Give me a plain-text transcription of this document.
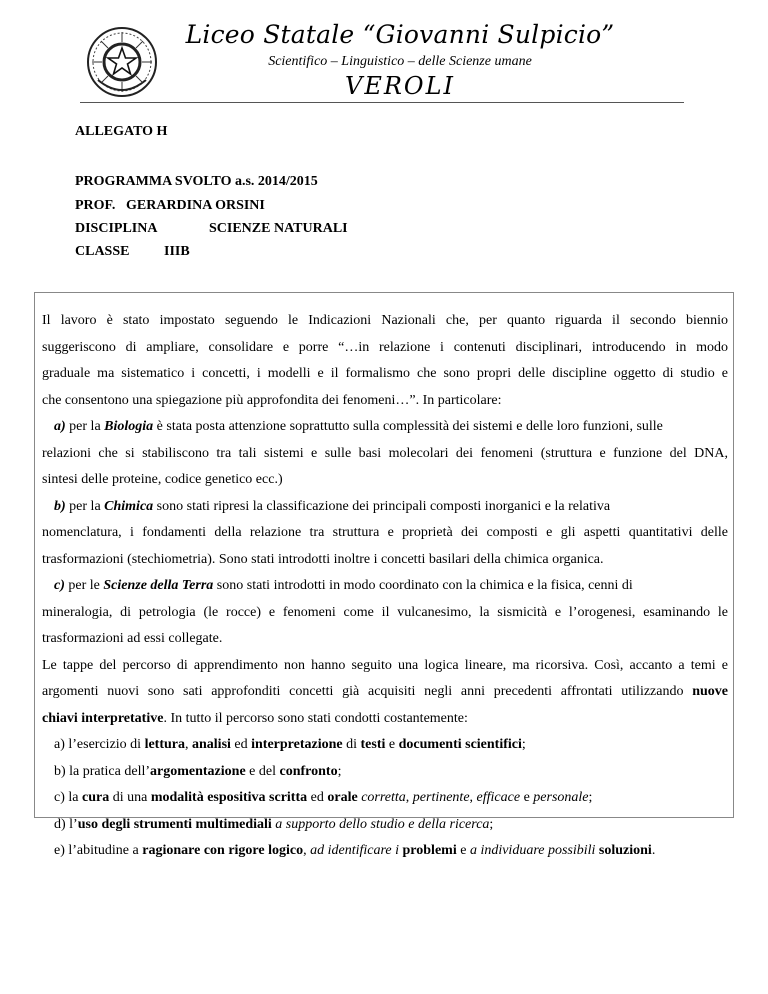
Liceo Statale “Giovanni Sulpicio”
Scientifico – Linguistico – delle Scienze umane
VEROLI
ALLEGATO H
PROGRAMMA SVOLTO a.s. 2014/2015
PROF. GERARDINA ORSINI
DISCIPLINA	SCIENZE NATURALI
CLASSE IIIB

Il lavoro è stato impostato seguendo le Indicazioni Nazionali che, per quanto riguarda il secondo biennio

suggeriscono di ampliare, consolidare e porre “…in relazione i contenuti disciplinari, introducendo in modo

graduale ma sistematico i concetti, i modelli e il formalismo che sono propri delle discipline oggetto di studio e

che consentono una spiegazione più approfondita dei fenomeni…”. In particolare:

a) per la Biologia è stata posta attenzione soprattutto sulla complessità dei sistemi e delle loro funzioni, sulle

relazioni che si stabiliscono tra tali sistemi e sulle basi molecolari dei fenomeni (struttura e funzione del DNA,

sintesi delle proteine, codice genetico ecc.)

b) per la Chimica sono stati ripresi la classificazione dei principali composti inorganici e la relativa

nomenclatura, i fondamenti della relazione tra struttura e proprietà dei composti e gli aspetti quantitativi delle

trasformazioni (stechiometria). Sono stati introdotti inoltre i concetti basilari della chimica organica.

c) per le Scienze della Terra sono stati introdotti in modo coordinato con la chimica e la fisica, cenni di

mineralogia, di petrologia (le rocce) e fenomeni come il vulcanesimo, la sismicità e l’orogenesi, esaminando le

trasformazioni ad essi collegate.

Le tappe del percorso di apprendimento non hanno seguito una logica lineare, ma ricorsiva. Così, accanto a temi e

argomenti nuovi sono sati approfonditi concetti già acquisiti negli anni precedenti affrontati utilizzando nuove

chiavi interpretative. In tutto il percorso sono stati condotti costantemente:

a) l’esercizio di lettura, analisi ed interpretazione di testi e documenti scientifici;

b) la pratica dell’argomentazione e del confronto;

c) la cura di una modalità espositiva scritta ed orale corretta, pertinente, efficace e personale;

d) l’uso degli strumenti multimediali a supporto dello studio e della ricerca;

e) l’abitudine a ragionare con rigore logico, ad identificare i problemi e a individuare possibili soluzioni.
